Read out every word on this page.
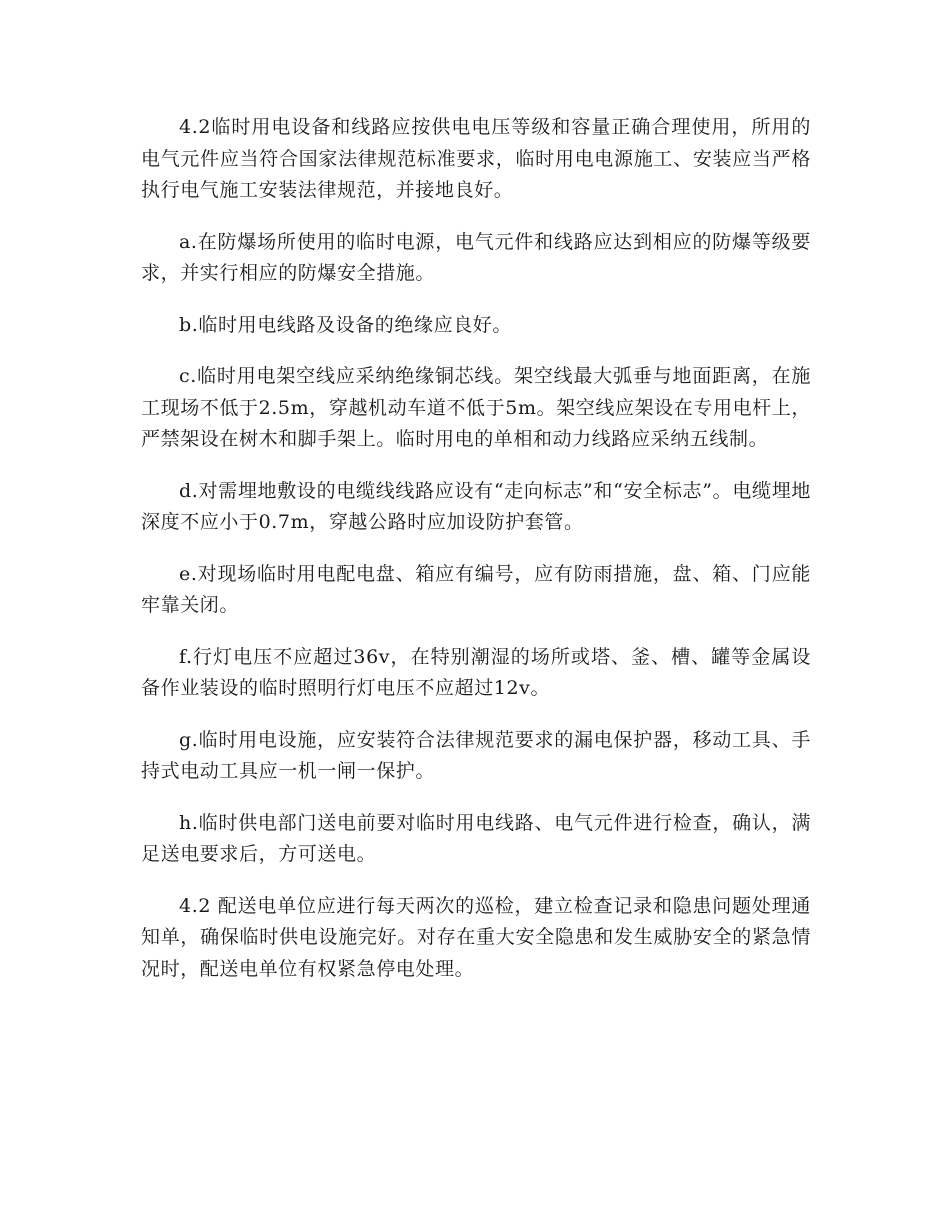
4.2临时用电设备和线路应按供电电压等级和容量正确合理使用，所用的电气元件应当符合国家法律规范标准要求，临时用电电源施工、安装应当严格执行电气施工安装法律规范，并接地良好。

a.在防爆场所使用的临时电源，电气元件和线路应达到相应的防爆等级要求，并实行相应的防爆安全措施。

b.临时用电线路及设备的绝缘应良好。

c.临时用电架空线应采纳绝缘铜芯线。架空线最大弧垂与地面距离，在施工现场不低于2.5m，穿越机动车道不低于5m。架空线应架设在专用电杆上，严禁架设在树木和脚手架上。临时用电的单相和动力线路应采纳五线制。

d.对需埋地敷设的电缆线线路应设有“走向标志”和“安全标志”。电缆埋地深度不应小于0.7m，穿越公路时应加设防护套管。

e.对现场临时用电配电盘、箱应有编号，应有防雨措施，盘、箱、门应能牢靠关闭。

f.行灯电压不应超过36v，在特别潮湿的场所或塔、釜、槽、罐等金属设备作业装设的临时照明行灯电压不应超过12v。

g.临时用电设施，应安装符合法律规范要求的漏电保护器，移动工具、手持式电动工具应一机一闸一保护。

h.临时供电部门送电前要对临时用电线路、电气元件进行检查，确认，满足送电要求后，方可送电。

4.2 配送电单位应进行每天两次的巡检，建立检查记录和隐患问题处理通知单，确保临时供电设施完好。对存在重大安全隐患和发生威胁安全的紧急情况时，配送电单位有权紧急停电处理。
